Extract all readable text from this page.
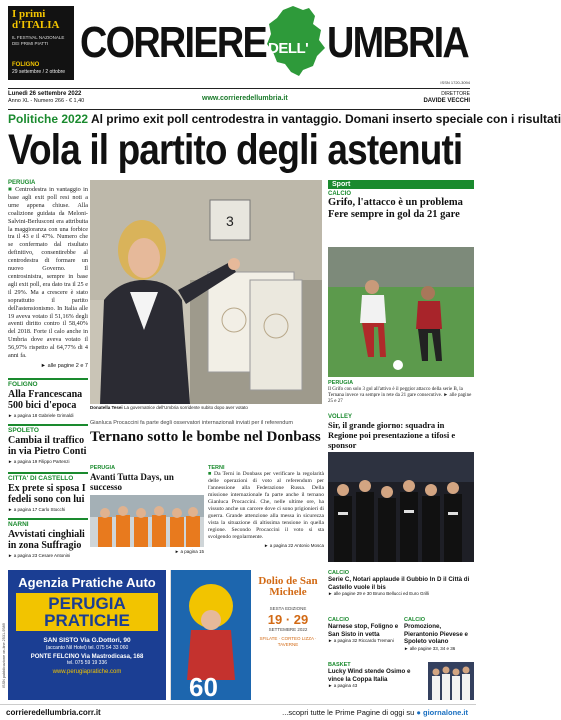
I primi d'ITALIA
IL FESTIVAL NAZIONALE DEI PRIMI PIATTI
FOLIGNO
29 settembre / 2 ottobre
CORRIERE DELL' UMBRIA
ISSN 1720-3094
Lunedì 26 settembre 2022
Anno XL - Numero 266 - € 1,40	www.corrieredellumbria.it
DIRETTORE
DAVIDE VECCHI
Politiche 2022 Al primo exit poll centrodestra in vantaggio. Domani inserto speciale con i risultati
Vola il partito degli astenuti
PERUGIA
■ Centrodestra in vantaggio in base agli exit poll resi noti a urne appena chiuse. Alla coalizione guidata da Meloni-Salvini-Berlusconi era attribuita la maggioranza con una forbice tra il 43 e il 47%. Numero che se confermato dal risultato definitivo, consentirebbe al centrodestra di formare un nuovo Governo. Il centrosinistra, sempre in base agli exit poll, era dato tra il 25 e il 29%. Ma a crescere è stato soprattutto il partito dell'astensionismo. In Italia alle 19 aveva votato il 51,16% degli aventi diritto contro il 58,40% del 2018. Forte il calo anche in Umbria dove aveva votato il 56,97% rispetto al 64,77% di 4 anni fa.
► alle pagine 2 e 7
3
Donatella Tesei La governatrice dell'Umbria sorridente subito dopo aver votato
FOLIGNO
Alla Francescana 500 bici d'epoca
► a pagina 18 Gabriele Grimaldi
SPOLETO
Cambia il traffico in via Pietro Conti
► a pagina 19 Filippo Partenzi
CITTA' DI CASTELLO
Ex prete si sposa I fedeli sono con lui
► a pagina 17 Carlo Stocchi
NARNI
Avvistati cinghiali in zona Suffragio
► a pagina 23 Cesare Antonini
Gianluca Procaccini fa parte degli osservatori internazionali inviati per il referendum
Ternano sotto le bombe nel Donbass
PERUGIA
Avanti Tutta Days, un successo
► a pagina 15
TERNI
■ Da Terni in Donbass per verificare la regolarità delle operazioni di voto al referendum per l'annessione alla Federazione Russa. Della missione internazionale fa parte anche il ternano Gianluca Procaccini. Che, nelle ultime ore, ha vissuto anche un carcere dove ci sono prigionieri di guerra. Grande attenzione alla messa in sicurezza vista la situazione di altissima tensione in quella regione. Secondo Procaccini il voto si sta svolgendo regolarmente.
► a pagina 22 Antonio Mosca
Sport
CALCIO
Grifo, l'attacco è un problema Fere sempre in gol da 21 gare
PERUGIA
Il Grifo con solo 3 gol all'attivo è il peggior attacco della serie B, la Ternana invece va sempre in rete da 21 gare consecutive. ► alle pagine 25 e 27
VOLLEY
Sir, il grande giorno: squadra in Regione poi presentazione a tifosi e sponsor
Agenzia Pratiche Auto
PERUGIA PRATICHE
SAN SISTO Via G.Dottori, 90
(accanto Nil Hotel) tel. 075 54 33 060
PONTE FELCINO Via Mastrodicasa, 168
tel. 075 59 19 336
www.perugiapratiche.com	60
Dolio de San Michele
SESTA EDIZIONE
19 · 29
SETTEMBRE 2022
SFILATE · CORTEO LIZZA · TAVERNE
CALCIO
Serie C, Notari applaude il Gubbio In D il Città di Castello vuole il bis
► alle pagine 29 e 30 Bruno Bellucci ed Euro Grilli
CALCIO
Narnese stop, Foligno e San Sisto in vetta
► a pagina 32 Riccardo Tremani
CALCIO
Promozione, Pierantonio Pievese e Spoleto volano
► alle pagine 33, 34 e 36
BASKET
Lucky Wind stende Osimo e vince la Coppa Italia
► a pagina 43
ISSN pubblicazione on-line 2531-9589
corrieredellumbria.corr.it	...scopri tutte le Prime Pagine di oggi su ● giornalone.it
